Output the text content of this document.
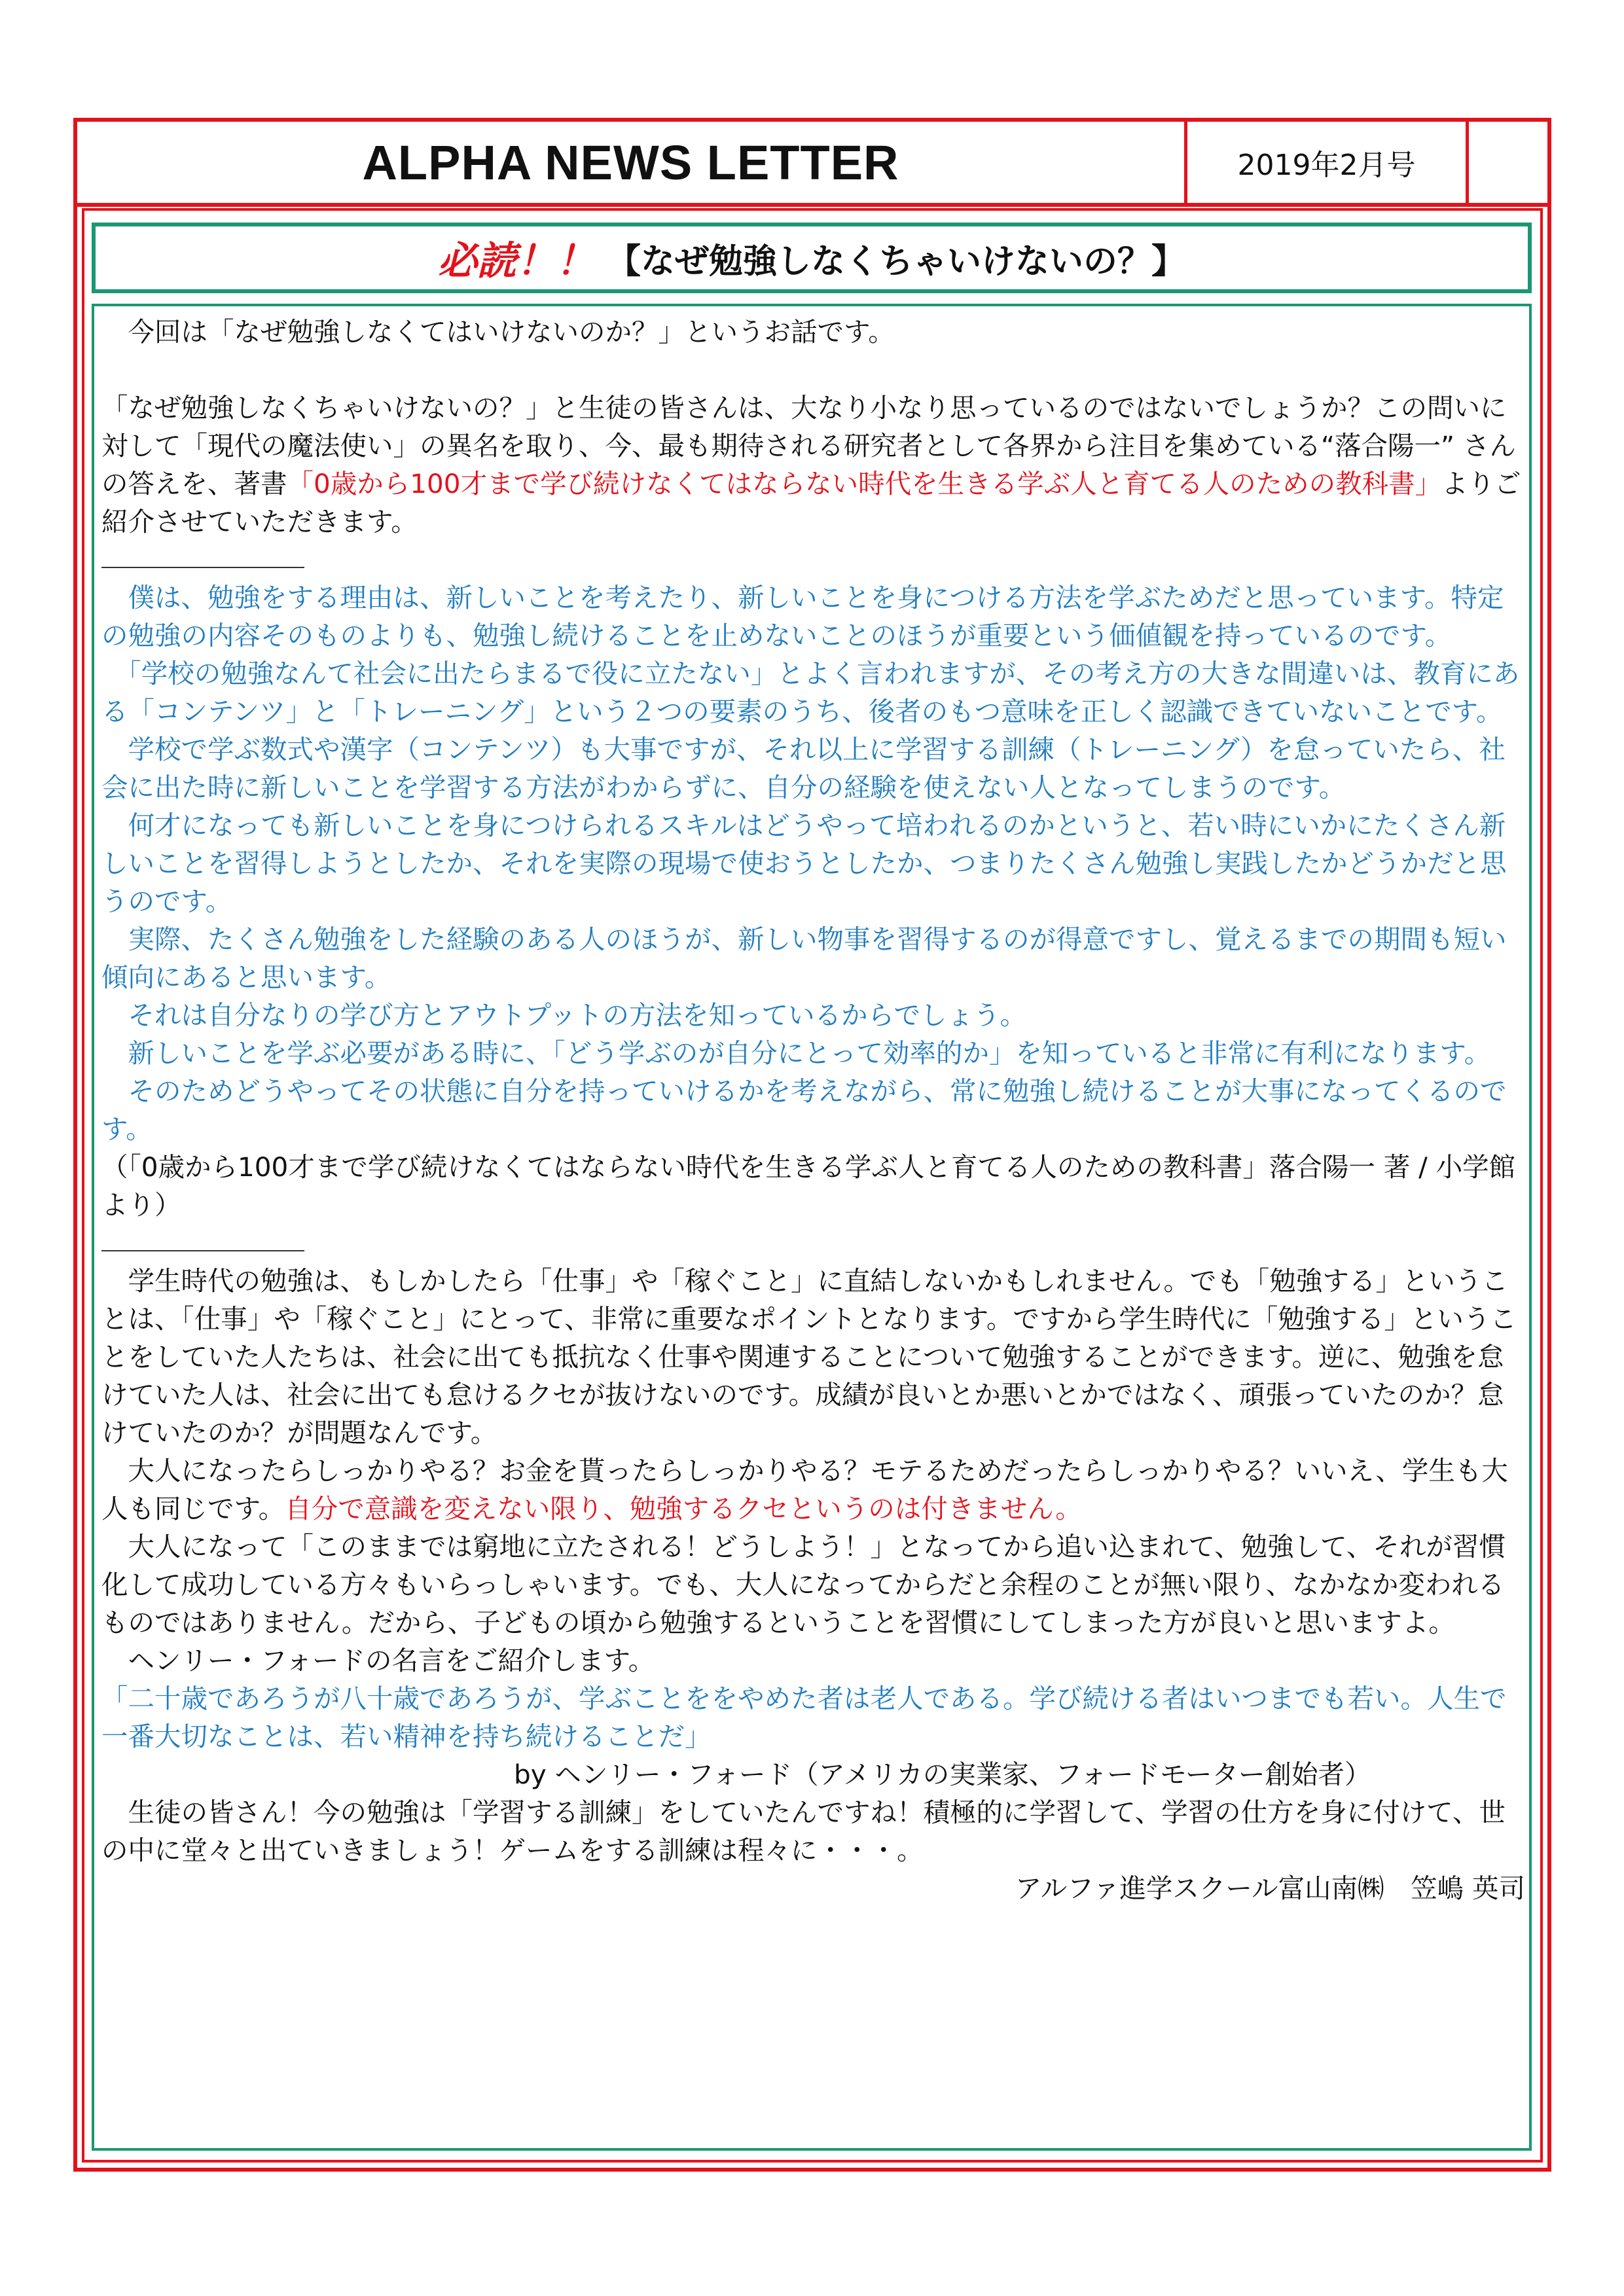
ALPHA NEWS LETTER	2019年2月号
必読！！ 【なぜ勉強しなくちゃいけないの？】

　今回は「なぜ勉強しなくてはいけないのか？」というお話です。

「なぜ勉強しなくちゃいけないの？」と生徒の皆さんは、大なり小なり思っているのではないでしょうか？この問いに対して「現代の魔法使い」の異名を取り、今、最も期待される研究者として各界から注目を集めている“落合陽一” さんの答えを、著書「0歳から100才まで学び続けなくてはならない時代を生きる学ぶ人と育てる人のための教科書」よりご紹介させていただきます。

　僕は、勉強をする理由は、新しいことを考えたり、新しいことを身につける方法を学ぶためだと思っています。特定の勉強の内容そのものよりも、勉強し続けることを止めないことのほうが重要という価値観を持っているのです。

　「学校の勉強なんて社会に出たらまるで役に立たない」とよく言われますが、その考え方の大きな間違いは、教育にある「コンテンツ」と「トレーニング」という２つの要素のうち、後者のもつ意味を正しく認識できていないことです。

　学校で学ぶ数式や漢字（コンテンツ）も大事ですが、それ以上に学習する訓練（トレーニング）を怠っていたら、社会に出た時に新しいことを学習する方法がわからずに、自分の経験を使えない人となってしまうのです。

　何才になっても新しいことを身につけられるスキルはどうやって培われるのかというと、若い時にいかにたくさん新しいことを習得しようとしたか、それを実際の現場で使おうとしたか、つまりたくさん勉強し実践したかどうかだと思うのです。

　実際、たくさん勉強をした経験のある人のほうが、新しい物事を習得するのが得意ですし、覚えるまでの期間も短い傾向にあると思います。

　それは自分なりの学び方とアウトプットの方法を知っているからでしょう。

　新しいことを学ぶ必要がある時に、「どう学ぶのが自分にとって効率的か」を知っていると非常に有利になります。

　そのためどうやってその状態に自分を持っていけるかを考えながら、常に勉強し続けることが大事になってくるのです。

（「0歳から100才まで学び続けなくてはならない時代を生きる学ぶ人と育てる人のための教科書」落合陽一 著 / 小学館より）

　学生時代の勉強は、もしかしたら「仕事」や「稼ぐこと」に直結しないかもしれません。でも「勉強する」ということは、「仕事」や「稼ぐこと」にとって、非常に重要なポイントとなります。ですから学生時代に「勉強する」ということをしていた人たちは、社会に出ても抵抗なく仕事や関連することについて勉強することができます。逆に、勉強を怠けていた人は、社会に出ても怠けるクセが抜けないのです。成績が良いとか悪いとかではなく、頑張っていたのか？怠けていたのか？が問題なんです。

　大人になったらしっかりやる？お金を貰ったらしっかりやる？モテるためだったらしっかりやる？いいえ、学生も大人も同じです。自分で意識を変えない限り、勉強するクセというのは付きません。

　大人になって「このままでは窮地に立たされる！どうしよう！」となってから追い込まれて、勉強して、それが習慣化して成功している方々もいらっしゃいます。でも、大人になってからだと余程のことが無い限り、なかなか変われるものではありません。だから、子どもの頃から勉強するということを習慣にしてしまった方が良いと思いますよ。

　ヘンリー・フォードの名言をご紹介します。

「二十歳であろうが八十歳であろうが、学ぶことををやめた者は老人である。学び続ける者はいつまでも若い。人生で一番大切なことは、若い精神を持ち続けることだ」

by ヘンリー・フォード（アメリカの実業家、フォードモーター創始者）

　生徒の皆さん！今の勉強は「学習する訓練」をしていたんですね！積極的に学習して、学習の仕方を身に付けて、世の中に堂々と出ていきましょう！ゲームをする訓練は程々に・・・。

アルファ進学スクール富山南㈱　笠嶋 英司
